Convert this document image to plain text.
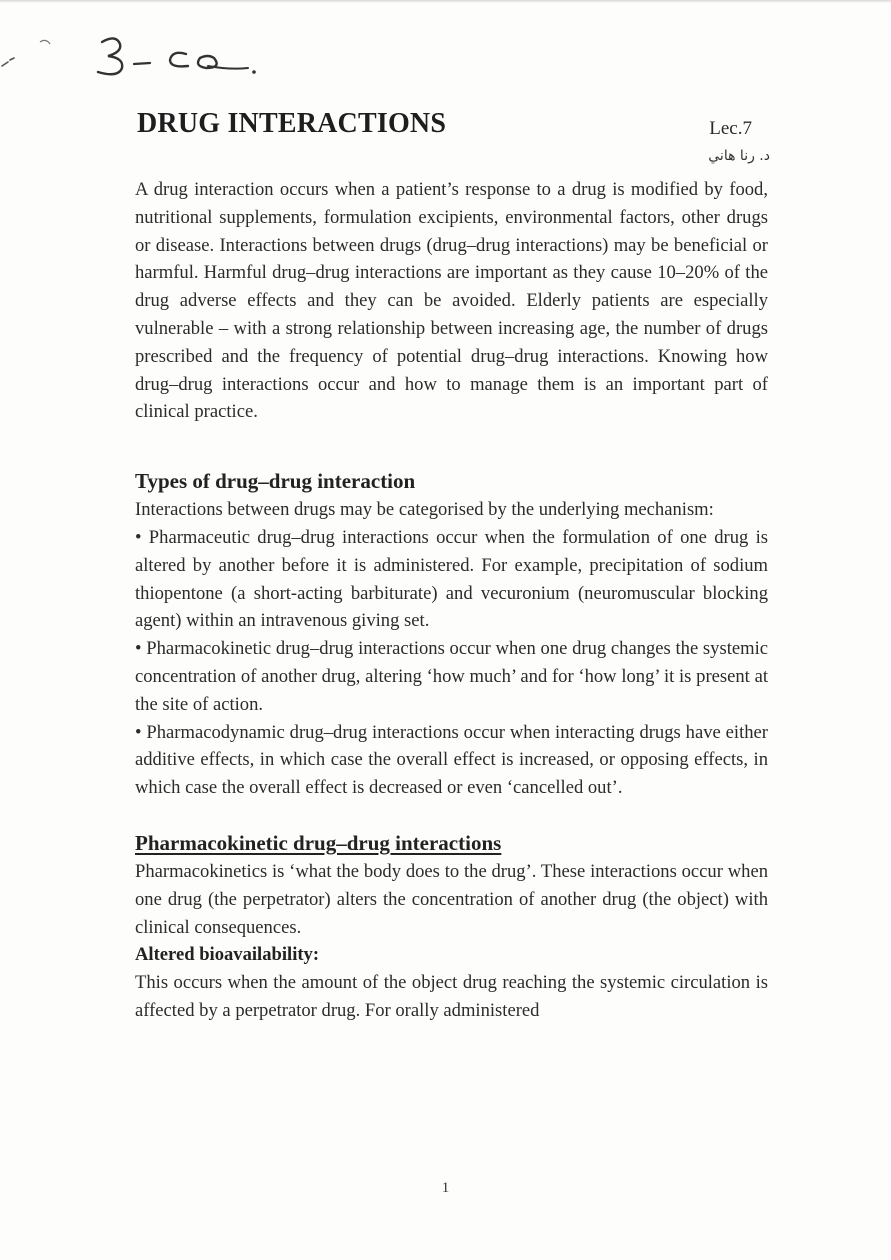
DRUG INTERACTIONS	Lec.7
د. رنا هاني

A drug interaction occurs when a patient’s response to a drug is modified by food, nutritional supplements, formulation excipients, environmental factors, other drugs or disease. Interactions between drugs (drug–drug interactions) may be beneficial or harmful. Harmful drug–drug interactions are important as they cause 10–20% of the drug adverse effects and they can be avoided. Elderly patients are especially vulnerable – with a strong relationship between increasing age, the number of drugs prescribed and the frequency of potential drug–drug interactions. Knowing how drug–drug interactions occur and how to manage them is an important part of clinical practice.

Types of drug–drug interaction

Interactions between drugs may be categorised by the underlying mechanism:

• Pharmaceutic drug–drug interactions occur when the formulation of one drug is altered by another before it is administered. For example, precipitation of sodium thiopentone (a short-acting barbiturate) and vecuronium (neuromuscular blocking agent) within an intravenous giving set.

• Pharmacokinetic drug–drug interactions occur when one drug changes the systemic concentration of another drug, altering ‘how much’ and for ‘how long’ it is present at the site of action.

• Pharmacodynamic drug–drug interactions occur when interacting drugs have either additive effects, in which case the overall effect is increased, or opposing effects, in which case the overall effect is decreased or even ‘cancelled out’.

Pharmacokinetic drug–drug interactions

Pharmacokinetics is ‘what the body does to the drug’. These interactions occur when one drug (the perpetrator) alters the concentration of another drug (the object) with clinical consequences.

Altered bioavailability:

This occurs when the amount of the object drug reaching the systemic circulation is affected by a perpetrator drug. For orally administered

1
